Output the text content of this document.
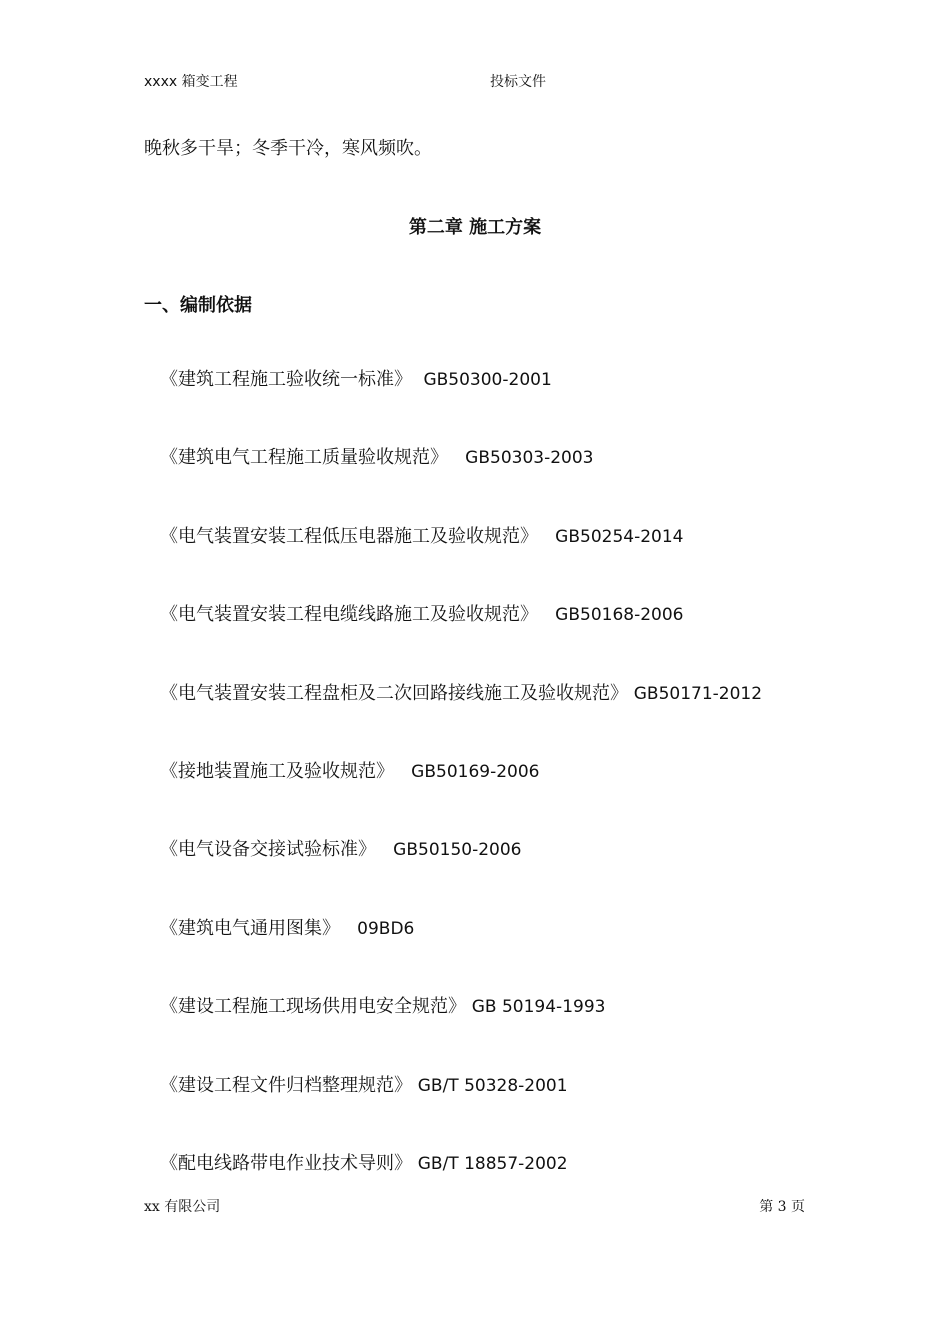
xxxx 箱变工程	投标文件
晚秋多干旱；冬季干冷，寒风频吹。
第二章 施工方案
一、编制依据
《建筑工程施工验收统一标准》 GB50300-2001
《建筑电气工程施工质量验收规范》 GB50303-2003
《电气装置安装工程低压电器施工及验收规范》 GB50254-2014
《电气装置安装工程电缆线路施工及验收规范》 GB50168-2006
《电气装置安装工程盘柜及二次回路接线施工及验收规范》 GB50171-2012
《接地装置施工及验收规范》 GB50169-2006
《电气设备交接试验标准》 GB50150-2006
《建筑电气通用图集》 09BD6
《建设工程施工现场供用电安全规范》 GB 50194-1993
《建设工程文件归档整理规范》 GB/T 50328-2001
《配电线路带电作业技术导则》 GB/T 18857-2002
xx 有限公司	第 3 页
